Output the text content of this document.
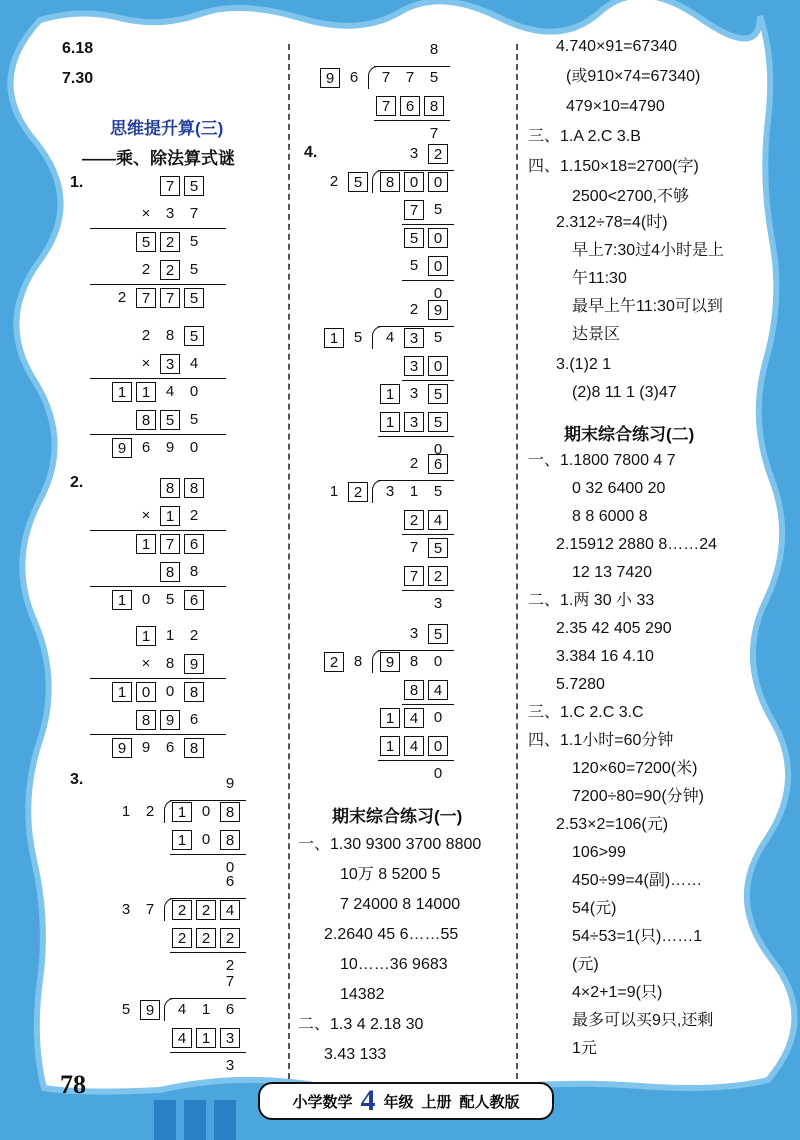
6.18
7.30
思维提升算(三)
——乘、除法算式谜
1.	7	5
×	3	7
5	2	5
2	2	5
2	7	7	5
2	8	5
×	3	4
1	1	4	0
8	5	5
9	6	9	0
2.	8	8
×	1	2
1	7	6
8	8
1	0	5	6
1	1	2
×	8	9
1	0	0	8
8	9	6
9	9	6	8
3.	9
1	2	1	0	8
1	0	8
0
6
3	7	2	2	4
2	2	2
2
7
5	9	4	1	6
4	1	3
3
8
9	6	7	7	5
7	6	8
7
4.	3	2
2	5	8	0	0
7	5
5	0
5	0
0
2	9
1	5	4	3	5
3	0
1	3	5
1	3	5
0
2	6
1	2	3	1	5
2	4
7	5
7	2
3
3	5
2	8	9	8	0
8	4
1	4	0
1	4	0
0
期末综合练习(一)
一、1.30 9300 3700 8800
10万 8 5200 5
7 24000 8 14000
2.2640 45 6……55
10……36 9683
14382
二、1.3 4 2.18 30
3.43 133
4.740×91=67340
(或910×74=67340)
479×10=4790
三、1.A 2.C 3.B
四、1.150×18=2700(字)
2500<2700,不够
2.312÷78=4(时)
早上7:30过4小时是上
午11:30
最早上午11:30可以到
达景区
3.(1)2 1
(2)8 11 1 (3)47
期末综合练习(二)
一、1.1800 7800 4 7
0 32 6400 20
8 8 6000 8
2.15912 2880 8……24
12 13 7420
二、1.两 30 小 33
2.35 42 405 290
3.384 16 4.10
5.7280
三、1.C 2.C 3.C
四、1.1小时=60分钟
120×60=7200(米)
7200÷80=90(分钟)
2.53×2=106(元)
106>99
450÷99=4(副)……
54(元)
54÷53=1(只)……1
(元)
4×2+1=9(只)
最多可以买9只,还剩
1元
78
小学数学 4 年级 上册 配人教版
